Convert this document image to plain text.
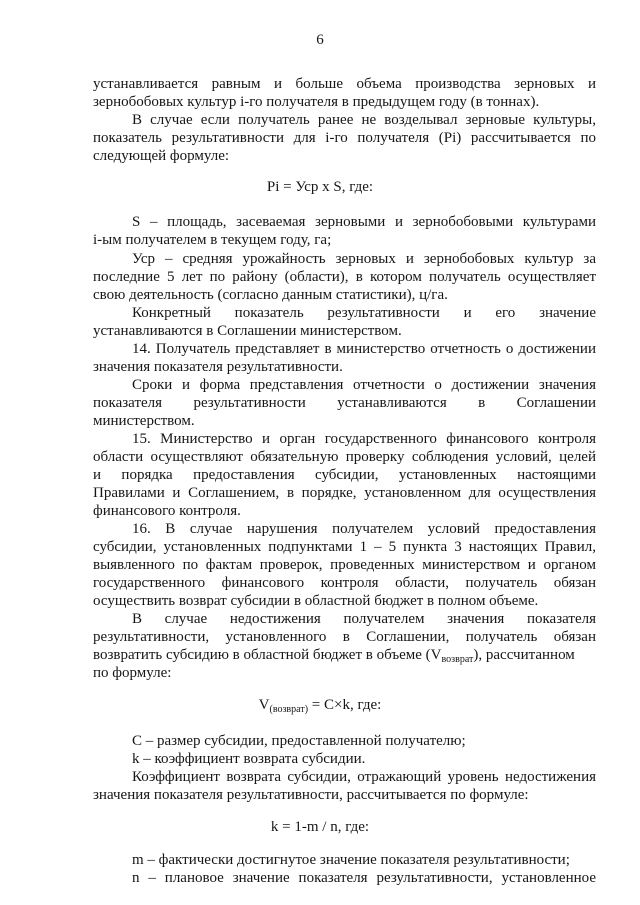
6
устанавливается равным и больше объема производства зерновых и
зернобобовых культур i-го получателя в предыдущем году (в тоннах).
В случае если получатель ранее не возделывал зерновые культуры,
показатель результативности для i-го получателя (Pi) рассчитывается по
следующей формуле:
Pi = Уср x S, где:
S – площадь, засеваемая зерновыми и зернобобовыми культурами
i-ым получателем в текущем году, га;
Уср – средняя урожайность зерновых и зернобобовых культур за
последние 5 лет по району (области), в котором получатель осуществляет
свою деятельность (согласно данным статистики), ц/га.
Конкретный показатель результативности и его значение
устанавливаются в Соглашении министерством.
14. Получатель представляет в министерство отчетность о достижении
значения показателя результативности.
Сроки и форма представления отчетности о достижении значения
показателя результативности устанавливаются в Соглашении
министерством.
15. Министерство и орган государственного финансового контроля
области осуществляют обязательную проверку соблюдения условий, целей
и порядка предоставления субсидии, установленных настоящими
Правилами и Соглашением, в порядке, установленном для осуществления
финансового контроля.
16. В случае нарушения получателем условий предоставления
субсидии, установленных подпунктами 1 – 5 пункта 3 настоящих Правил,
выявленного по фактам проверок, проведенных министерством и органом
государственного финансового контроля области, получатель обязан
осуществить возврат субсидии в областной бюджет в полном объеме.
В случае недостижения получателем значения показателя
результативности, установленного в Соглашении, получатель обязан
возвратить субсидию в областной бюджет в объеме $(V_{возврат})$, рассчитанном
по формуле:
$V_{(возврат)} = C\times k$, где:
C – размер субсидии, предоставленной получателю;
k – коэффициент возврата субсидии.
Коэффициент возврата субсидии, отражающий уровень недостижения
значения показателя результативности, рассчитывается по формуле:
k = 1-m / n, где:
m – фактически достигнутое значение показателя результативности;
n – плановое значение показателя результативности, установленное
